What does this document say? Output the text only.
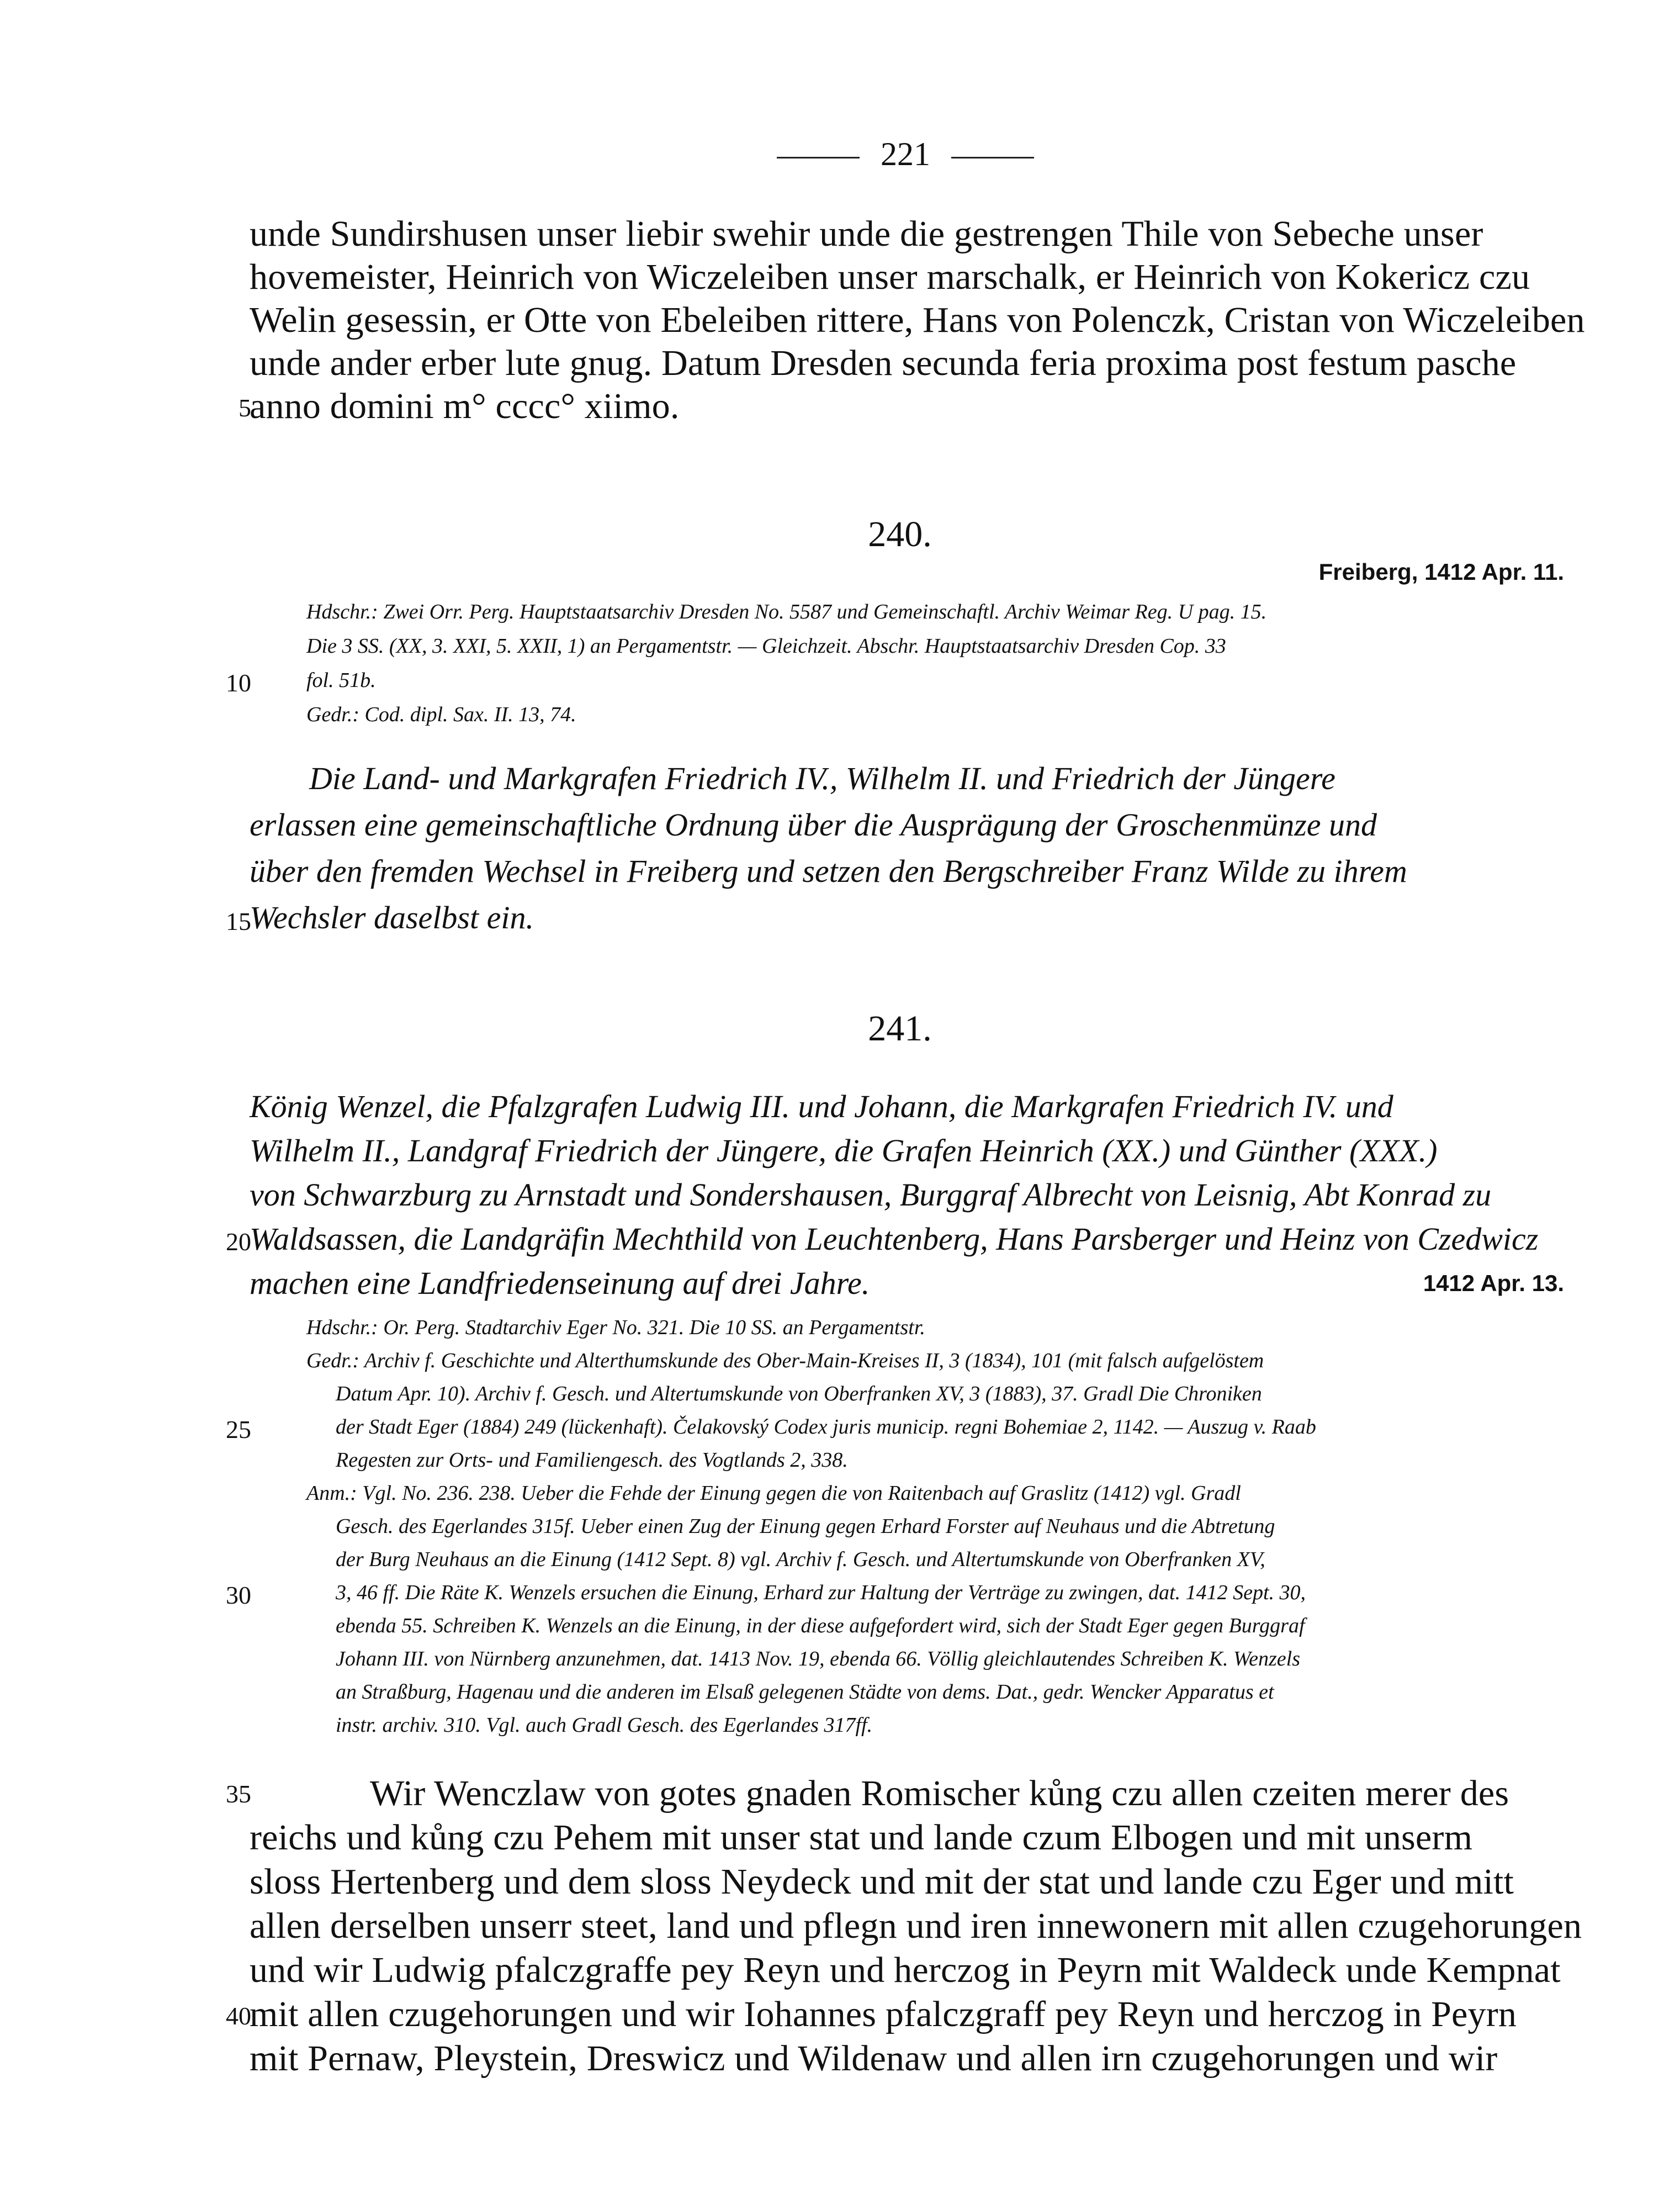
221
unde Sundirshusen unser liebir swehir unde die gestrengen Thile von Sebeche unser
hovemeister, Heinrich von Wiczeleiben unser marschalk, er Heinrich von Kokericz czu
Welin gesessin, er Otte von Ebeleiben rittere, Hans von Polenczk, Cristan von Wiczeleiben
unde ander erber lute gnug. Datum Dresden secunda feria proxima post festum pasche
anno domini m° cccc° xiimo.
240.
Freiberg, 1412 Apr. 11.
Hdschr.: Zwei Orr. Perg. Hauptstaatsarchiv Dresden No. 5587 und Gemeinschaftl. Archiv Weimar Reg. U pag. 15.
Die 3 SS. (XX, 3. XXI, 5. XXII, 1) an Pergamentstr. — Gleichzeit. Abschr. Hauptstaatsarchiv Dresden Cop. 33
fol. 51b.
Gedr.: Cod. dipl. Sax. II. 13, 74.
Die Land- und Markgrafen Friedrich IV., Wilhelm II. und Friedrich der Jüngere
erlassen eine gemeinschaftliche Ordnung über die Ausprägung der Groschenmünze und
über den fremden Wechsel in Freiberg und setzen den Bergschreiber Franz Wilde zu ihrem
Wechsler daselbst ein.
241.
König Wenzel, die Pfalzgrafen Ludwig III. und Johann, die Markgrafen Friedrich IV. und
Wilhelm II., Landgraf Friedrich der Jüngere, die Grafen Heinrich (XX.) und Günther (XXX.)
von Schwarzburg zu Arnstadt und Sondershausen, Burggraf Albrecht von Leisnig, Abt Konrad zu
Waldsassen, die Landgräfin Mechthild von Leuchtenberg, Hans Parsberger und Heinz von Czedwicz
machen eine Landfriedenseinung auf drei Jahre.	1412 Apr. 13.
Hdschr.: Or. Perg. Stadtarchiv Eger No. 321. Die 10 SS. an Pergamentstr.
Gedr.: Archiv f. Geschichte und Alterthumskunde des Ober-Main-Kreises II, 3 (1834), 101 (mit falsch aufgelöstem
Datum Apr. 10). Archiv f. Gesch. und Altertumskunde von Oberfranken XV, 3 (1883), 37. Gradl Die Chroniken
der Stadt Eger (1884) 249 (lückenhaft). Čelakovský Codex juris municip. regni Bohemiae 2, 1142. — Auszug v. Raab
Regesten zur Orts- und Familiengesch. des Vogtlands 2, 338.
Anm.: Vgl. No. 236. 238. Ueber die Fehde der Einung gegen die von Raitenbach auf Graslitz (1412) vgl. Gradl
Gesch. des Egerlandes 315f. Ueber einen Zug der Einung gegen Erhard Forster auf Neuhaus und die Abtretung
der Burg Neuhaus an die Einung (1412 Sept. 8) vgl. Archiv f. Gesch. und Altertumskunde von Oberfranken XV,
3, 46 ff. Die Räte K. Wenzels ersuchen die Einung, Erhard zur Haltung der Verträge zu zwingen, dat. 1412 Sept. 30,
ebenda 55. Schreiben K. Wenzels an die Einung, in der diese aufgefordert wird, sich der Stadt Eger gegen Burggraf
Johann III. von Nürnberg anzunehmen, dat. 1413 Nov. 19, ebenda 66. Völlig gleichlautendes Schreiben K. Wenzels
an Straßburg, Hagenau und die anderen im Elsaß gelegenen Städte von dems. Dat., gedr. Wencker Apparatus et
instr. archiv. 310. Vgl. auch Gradl Gesch. des Egerlandes 317ff.
Wir Wenczlaw von gotes gnaden Romischer kůng czu allen czeiten merer des
reichs und kůng czu Pehem mit unser stat und lande czum Elbogen und mit unserm
sloss Hertenberg und dem sloss Neydeck und mit der stat und lande czu Eger und mitt
allen derselben unserr steet, land und pflegn und iren innewonern mit allen czugehorungen
und wir Ludwig pfalczgraffe pey Reyn und herczog in Peyrn mit Waldeck unde Kempnat
mit allen czugehorungen und wir Iohannes pfalczgraff pey Reyn und herczog in Peyrn
mit Pernaw, Pleystein, Dreswicz und Wildenaw und allen irn czugehorungen und wir
5
10
15
20
25
30
35
40
